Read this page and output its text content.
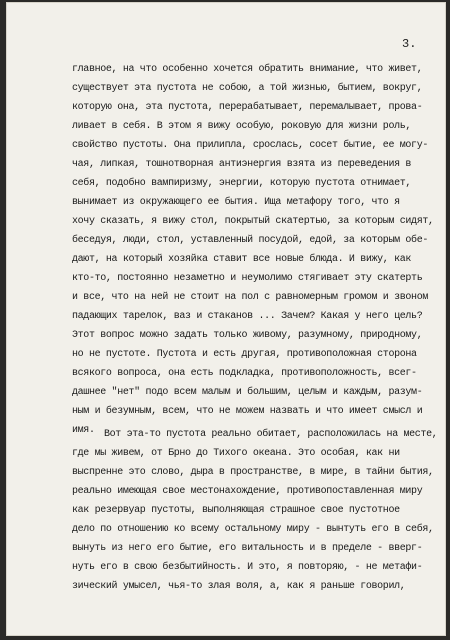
3.
главное, на что особенно хочется обратить внимание, что живет,
существует эта пустота не собою, а той жизнью, бытием, вокруг,
которую она, эта пустота, перерабатывает, перемалывает, прова-
ливает в себя. В этом я вижу особую, роковую для жизни роль,
свойство пустоты. Она прилипла, срослась, сосет бытие, ее могу-
чая, липкая, тошнотворная антиэнергия взята из переведения в
себя, подобно вампиризму, энергии, которую пустота отнимает,
вынимает из окружающего ее бытия. Ища метафору того, что я
хочу сказать, я вижу стол, покрытый скатертью, за которым сидят,
беседуя, люди, стол, уставленный посудой, едой, за которым обе-
дают, на который хозяйка ставит все новые блюда. И вижу, как
кто-то, постоянно незаметно и неумолимо стягивает эту скатерть
и все, что на ней не стоит на пол с равномерным громом и звоном
падающих тарелок, ваз и стаканов ... Зачем? Какая у него цель?
Этот вопрос можно задать только живому, разумному, природному,
но не пустоте. Пустота и есть другая, противоположная сторона
всякого вопроса, она есть подкладка, противоположность, всег-
дашнее "нет" подо всем малым и большим, целым и каждым, разум-
ным и безумным, всем, что не можем назвать и что имеет смысл и
имя. Вот эта-то пустота реально обитает, расположилась на месте,
где мы живем, от Брно до Тихого океана. Это особая, как ни
выспренне это слово, дыра в пространстве, в мире, в тайни бытия,
реально имеющая свое местонахождение, противопоставленная миру
как резервуар пустоты, выполняющая страшное свое пустотное
дело по отношению ко всему остальному миру - вынтуть его в себя,
вынуть из него его бытие, его витальность и в пределе - вверг-
нуть его в свою безбытийность. И это, я повторяю, - не метафи-
зический умысел, чья-то злая воля, а, как я раньше говорил,
